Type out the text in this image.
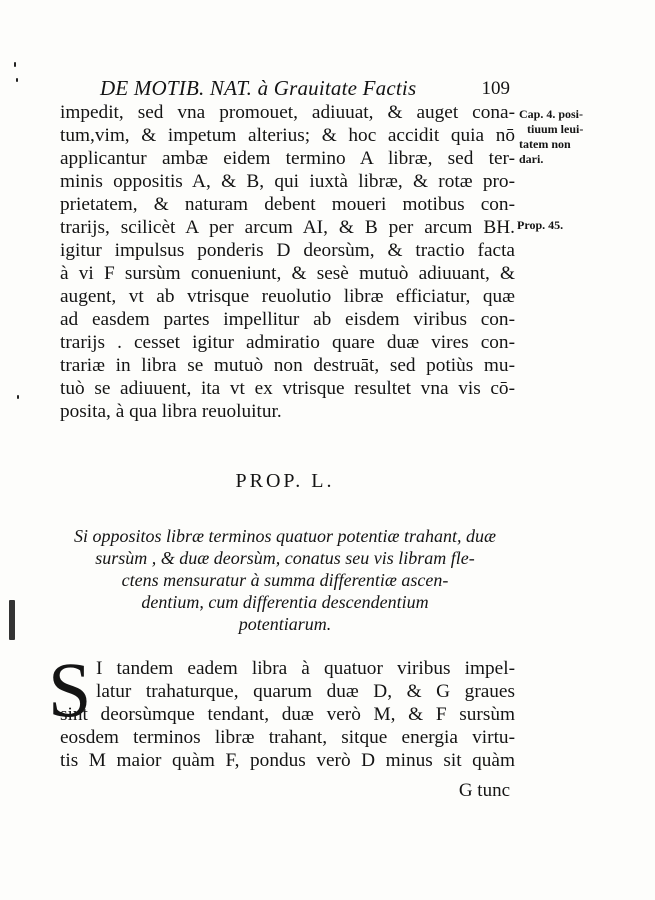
DE MOTIB. NAT. à Grauitate Factis	109
impedit, sed vna promouet, adiuuat, & auget cona-
tum,vim, & impetum alterius; & hoc accidit quia nō
applicantur ambæ eidem termino A libræ, sed ter-
minis oppositis A, & B, qui iuxtà libræ, & rotæ pro-
prietatem, & naturam debent moueri motibus con-
trarijs, scilicèt A per arcum AI, & B per arcum BH.
igitur impulsus ponderis D deorsùm, & tractio facta
à vi F sursùm conueniunt, & sesè mutuò adiuuant, &
augent, vt ab vtrisque reuolutio libræ efficiatur, quæ
ad easdem partes impellitur ab eisdem viribus con-
trarijs . cesset igitur admiratio quare duæ vires con-
trariæ in libra se mutuò non destruāt, sed potiùs mu-
tuò se adiuuent, ita vt ex vtrisque resultet vna vis cō-
posita, à qua libra reuoluitur.
Cap. 4. posi-
tiuum leui-
tatem non
dari.
Prop. 45.
PROP. L.
Si oppositos libræ terminos quatuor potentiæ trahant, duæ
sursùm , & duæ deorsùm, conatus seu vis libram fle-
ctens mensuratur à summa differentiæ ascen-
dentium, cum differentia descendentium
potentiarum.
S I tandem eadem libra à quatuor viribus impel-
latur trahaturque, quarum duæ D, & G graues
sint deorsùmque tendant, duæ verò M, & F sursùm
eosdem terminos libræ trahant, sitque energia virtu-
tis M maior quàm F, pondus verò D minus sit quàm
G tunc
